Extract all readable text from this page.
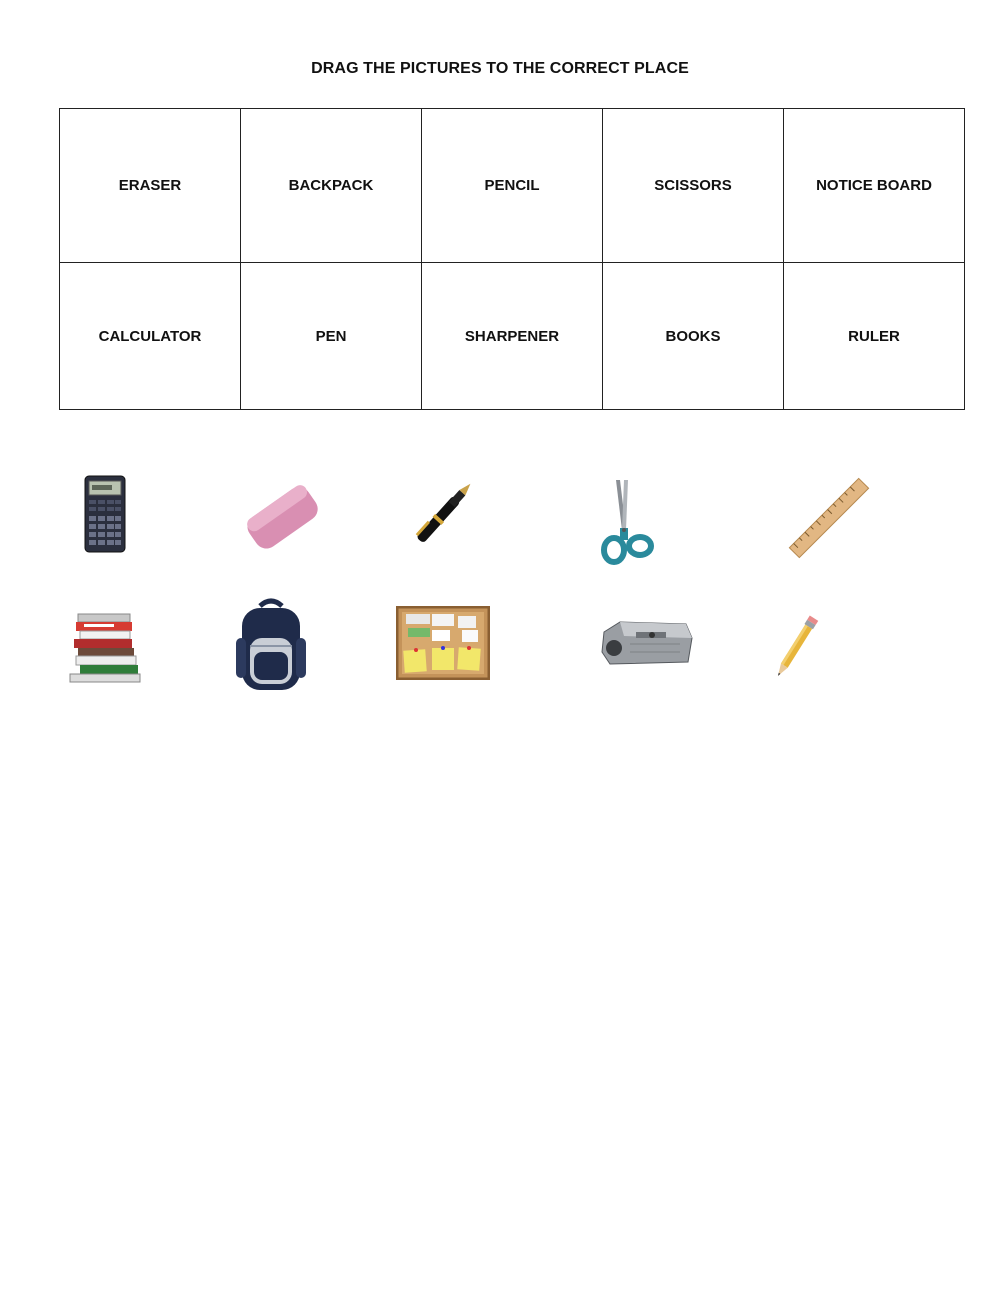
DRAG THE PICTURES TO THE CORRECT PLACE
ERASER	BACKPACK	PENCIL	SCISSORS	NOTICE BOARD
CALCULATOR	PEN	SHARPENER	BOOKS	RULER
